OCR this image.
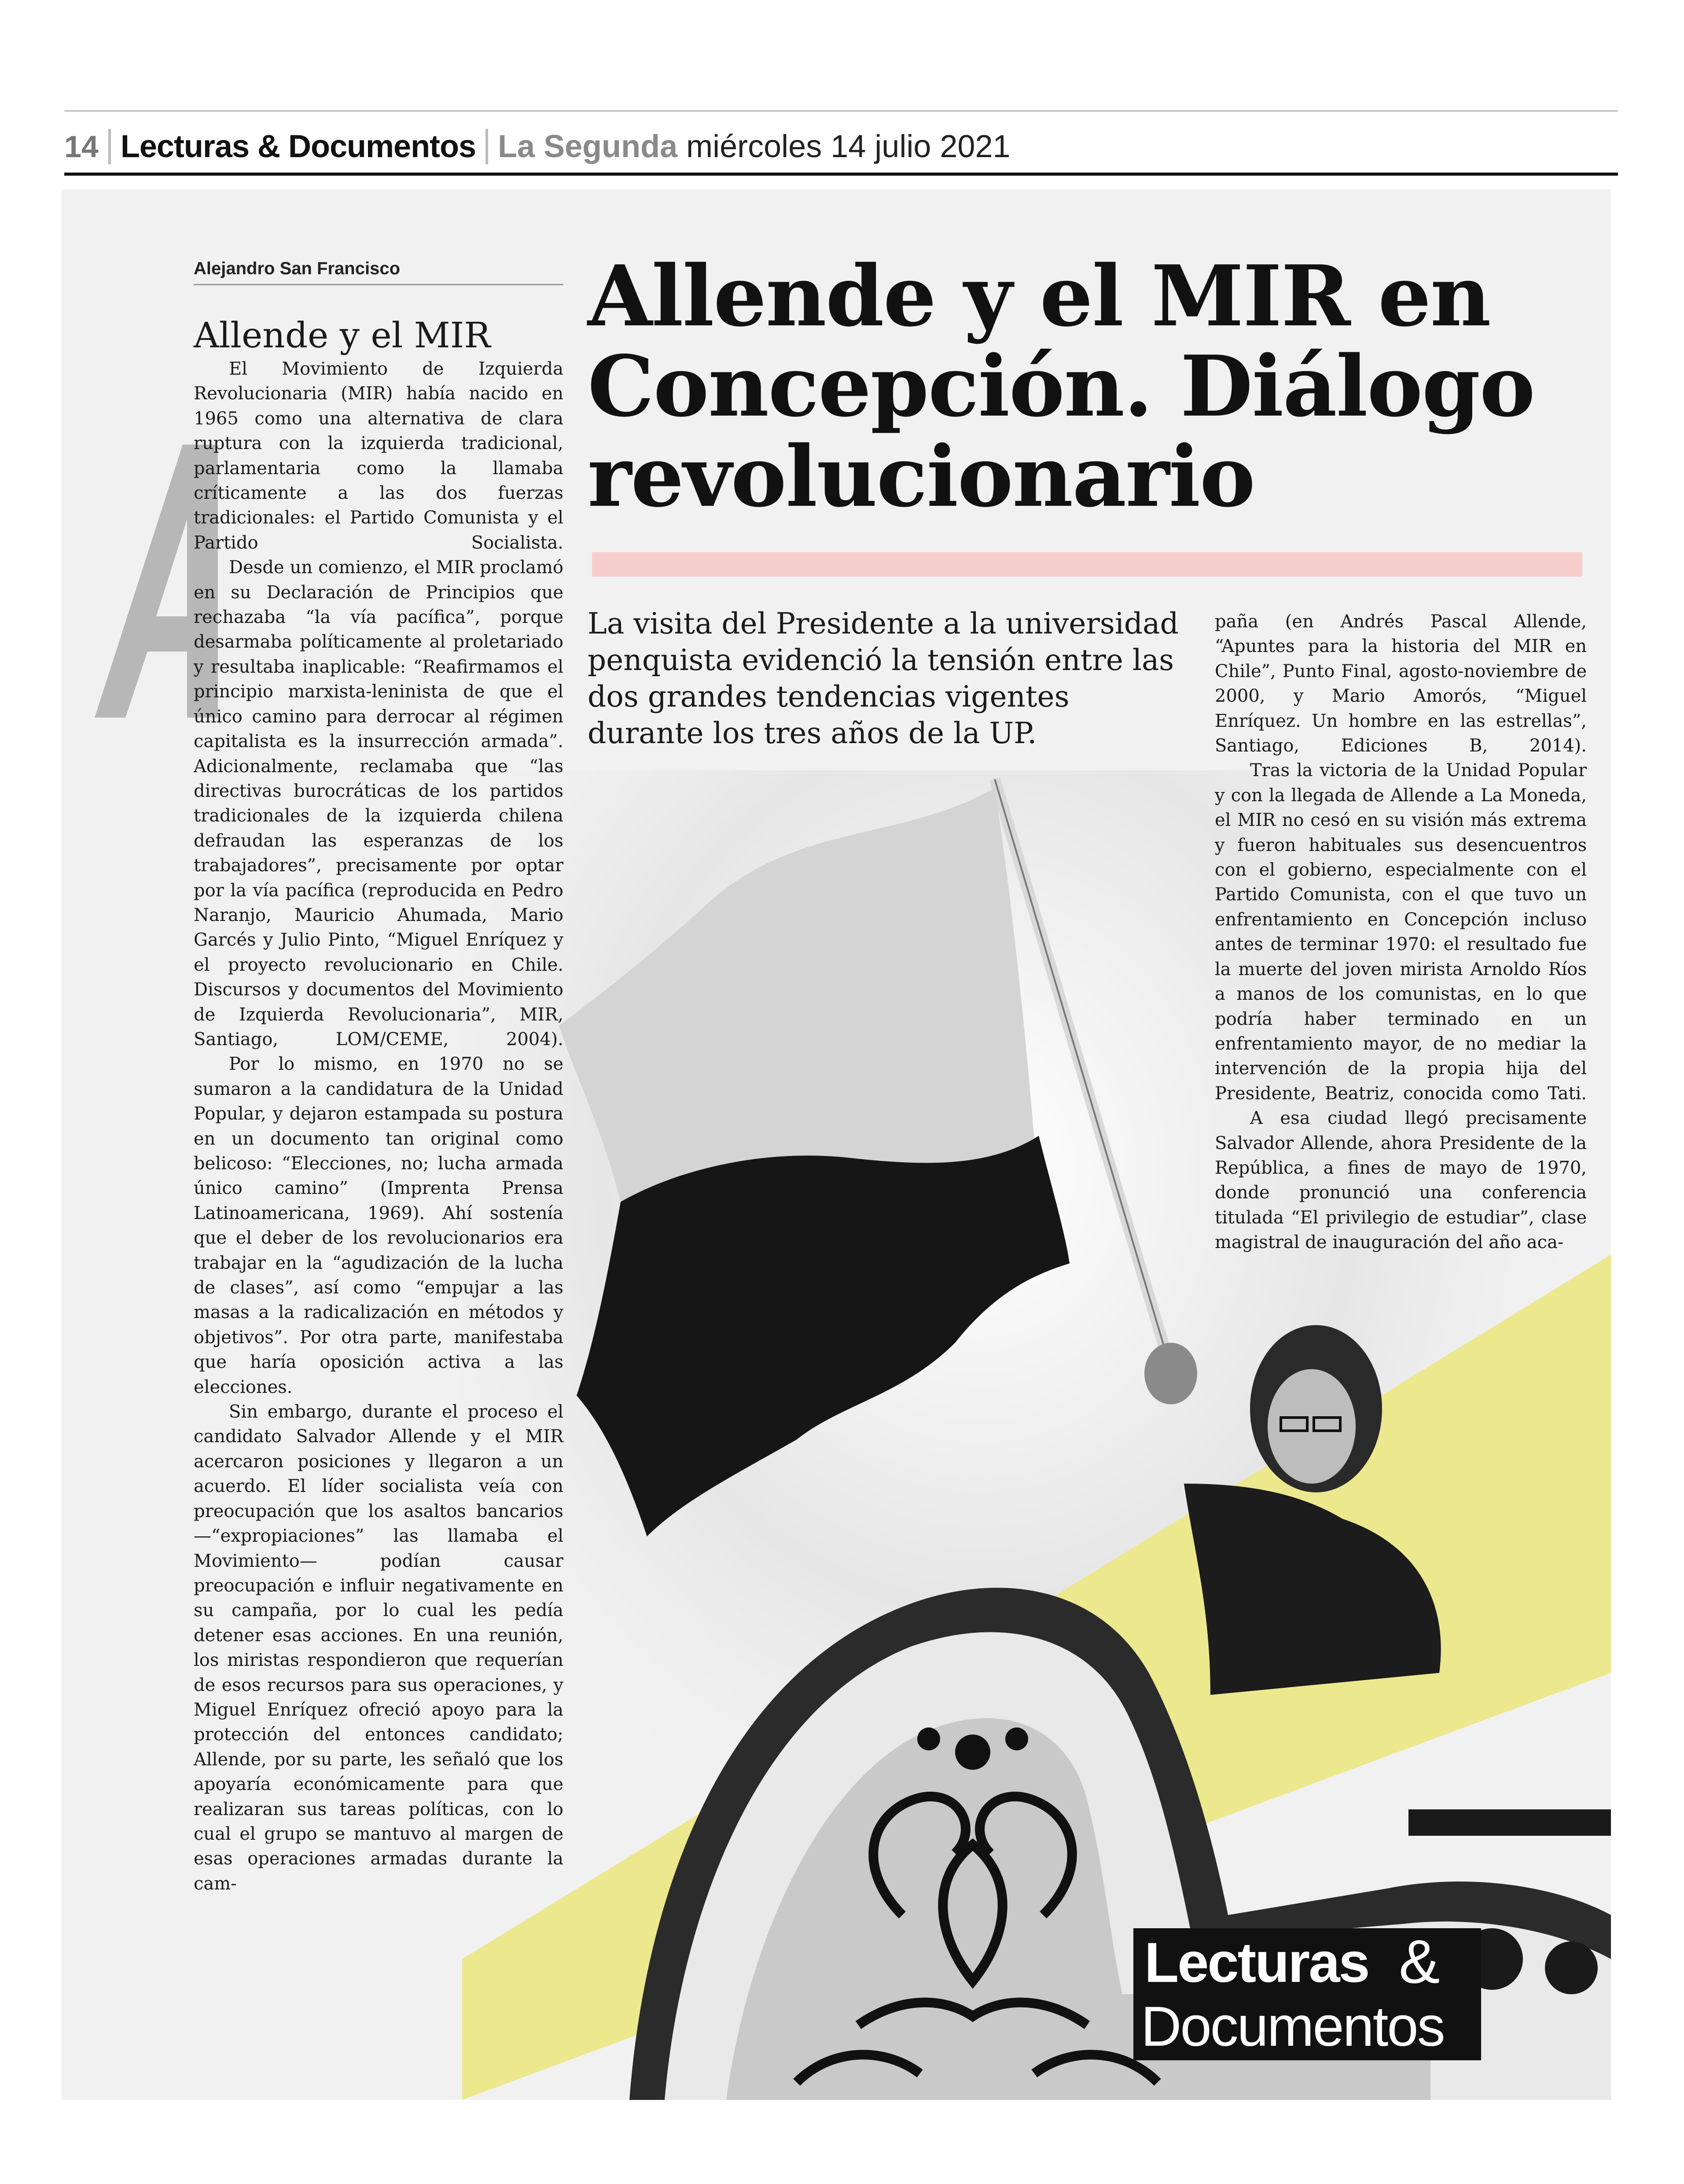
14 Lecturas & Documentos La Segunda miércoles 14 julio 2021
Alejandro San Francisco
Allende y el MIR

El Movimiento de Izquierda Revolucionaria (MIR) había nacido en 1965 como una alternativa de clara ruptura con la izquierda tradicional, parlamentaria como la llamaba críticamente a las dos fuerzas tradicionales: el Partido Comunista y el Partido Socialista.

Desde un comienzo, el MIR proclamó en su Declaración de Principios que rechazaba “la vía pacífica”, porque desarmaba políticamente al proletariado y resultaba inaplicable: “Reafirmamos el principio marxista-leninista de que el único camino para derrocar al régimen capitalista es la insurrección armada”. Adicionalmente, reclamaba que “las directivas burocráticas de los partidos tradicionales de la izquierda chilena defraudan las esperanzas de los trabajadores”, precisamente por optar por la vía pacífica (reproducida en Pedro Naranjo, Mauricio Ahumada, Mario Garcés y Julio Pinto, “Miguel Enríquez y el proyecto revolucionario en Chile. Discursos y documentos del Movimiento de Izquierda Revolucionaria”, MIR, Santiago, LOM/CEME, 2004).

Por lo mismo, en 1970 no se sumaron a la candidatura de la Unidad Popular, y dejaron estampada su postura en un documento tan original como belicoso: “Elecciones, no; lucha armada único camino” (Imprenta Prensa Latinoamericana, 1969). Ahí sostenía que el deber de los revolucionarios era trabajar en la “agudización de la lucha de clases”, así como “empujar a las masas a la radicalización en métodos y objetivos”. Por otra parte, manifestaba que haría oposición activa a las elecciones.

Sin embargo, durante el proceso el candidato Salvador Allende y el MIR acercaron posiciones y llegaron a un acuerdo. El líder socialista veía con preocupación que los asaltos bancarios —“expropiaciones” las llamaba el Movimiento— podían causar preocupación e influir negativamente en su campaña, por lo cual les pedía detener esas acciones. En una reunión, los miristas respondieron que requerían de esos recursos para sus operaciones, y Miguel Enríquez ofreció apoyo para la protección del entonces candidato; Allende, por su parte, les señaló que los apoyaría económicamente para que realizaran sus tareas políticas, con lo cual el grupo se mantuvo al margen de esas operaciones armadas durante la cam-

Allende y el MIR en
Concepción. Diálogo
revolucionario
La visita del Presidente a la universidad
penquista evidenció la tensión entre las
dos grandes tendencias vigentes
durante los tres años de la UP.

paña (en Andrés Pascal Allende, “Apuntes para la historia del MIR en Chile”, Punto Final, agosto-noviembre de 2000, y Mario Amorós, “Miguel Enríquez. Un hombre en las estrellas”, Santiago, Ediciones B, 2014).

Tras la victoria de la Unidad Popular y con la llegada de Allende a La Moneda, el MIR no cesó en su visión más extrema y fueron habituales sus desencuentros con el gobierno, especialmente con el Partido Comunista, con el que tuvo un enfrentamiento en Concepción incluso antes de terminar 1970: el resultado fue la muerte del joven mirista Arnoldo Ríos a manos de los comunistas, en lo que podría haber terminado en un enfrentamiento mayor, de no mediar la intervención de la propia hija del Presidente, Beatriz, conocida como Tati.

A esa ciudad llegó precisamente Salvador Allende, ahora Presidente de la República, a fines de mayo de 1970, donde pronunció una conferencia titulada “El privilegio de estudiar”, clase magistral de inauguración del año aca-

Lecturas &
Documentos
